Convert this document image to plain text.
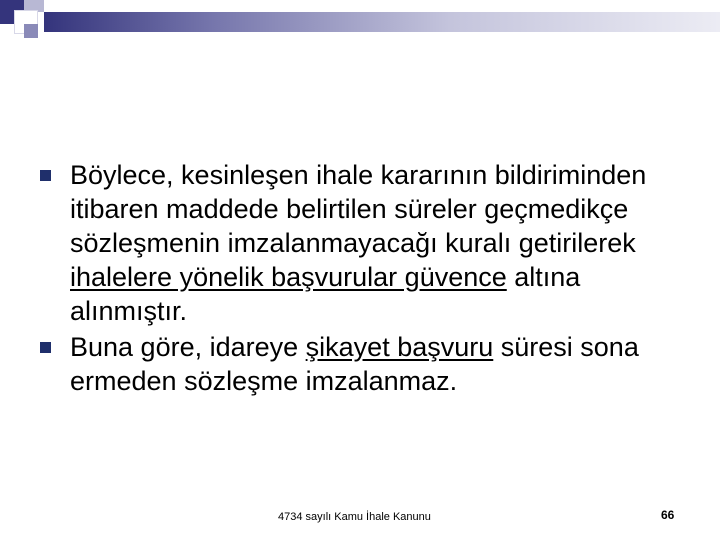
Böylece, kesinleşen ihale kararının bildiriminden itibaren maddede belirtilen süreler geçmedikçe sözleşmenin imzalanmayacağı kuralı getirilerek ihalelere yönelik başvurular güvence altına alınmıştır.
Buna göre, idareye şikayet başvuru süresi sona ermeden sözleşme imzalanmaz.
4734 sayılı Kamu İhale Kanunu	66
